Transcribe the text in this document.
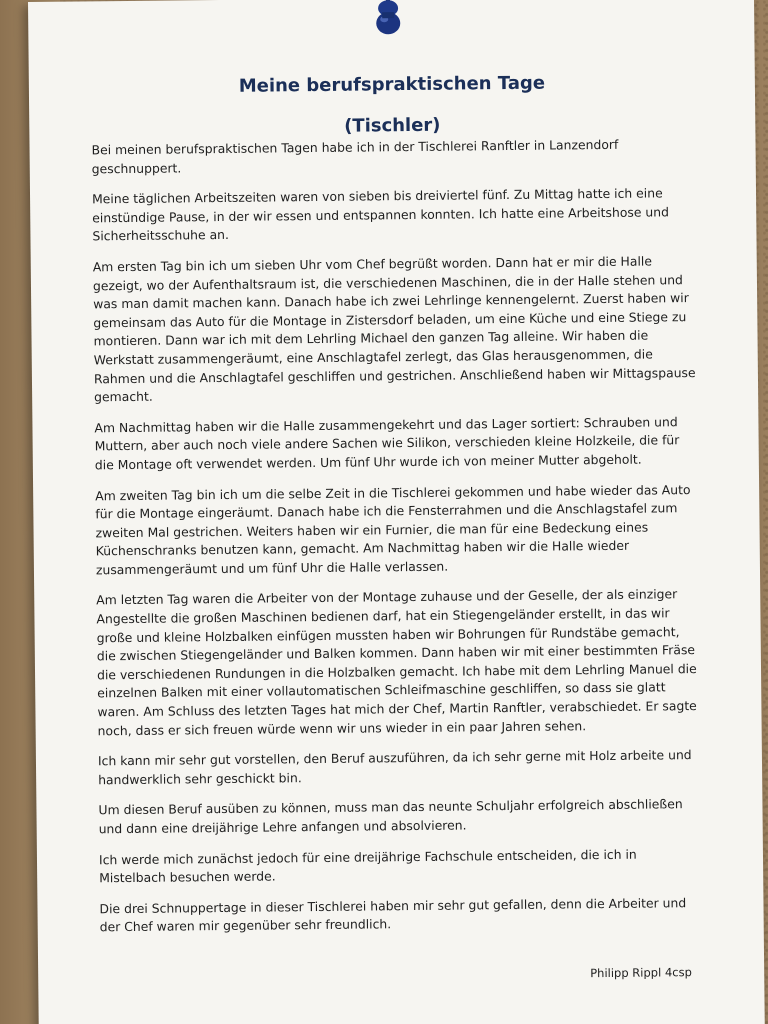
Meine berufspraktischen Tage
(Tischler)

Bei meinen berufspraktischen Tagen habe ich in der Tischlerei Ranftler in Lanzendorf geschnuppert.

Meine täglichen Arbeitszeiten waren von sieben bis dreiviertel fünf. Zu Mittag hatte ich eine einstündige Pause, in der wir essen und entspannen konnten. Ich hatte eine Arbeitshose und Sicherheitsschuhe an.

Am ersten Tag bin ich um sieben Uhr vom Chef begrüßt worden. Dann hat er mir die Halle gezeigt, wo der Aufenthaltsraum ist, die verschiedenen Maschinen, die in der Halle stehen und was man damit machen kann. Danach habe ich zwei Lehrlinge kennengelernt. Zuerst haben wir gemeinsam das Auto für die Montage in Zistersdorf beladen, um eine Küche und eine Stiege zu montieren. Dann war ich mit dem Lehrling Michael den ganzen Tag alleine. Wir haben die Werkstatt zusammengeräumt, eine Anschlagtafel zerlegt, das Glas herausgenommen, die Rahmen und die Anschlagtafel geschliffen und gestrichen. Anschließend haben wir Mittagspause gemacht.

Am Nachmittag haben wir die Halle zusammengekehrt und das Lager sortiert: Schrauben und Muttern, aber auch noch viele andere Sachen wie Silikon, verschieden kleine Holzkeile, die für die Montage oft verwendet werden. Um fünf Uhr wurde ich von meiner Mutter abgeholt.

Am zweiten Tag bin ich um die selbe Zeit in die Tischlerei gekommen und habe wieder das Auto für die Montage eingeräumt. Danach habe ich die Fensterrahmen und die Anschlagstafel zum zweiten Mal gestrichen. Weiters haben wir ein Furnier, die man für eine Bedeckung eines Küchenschranks benutzen kann, gemacht. Am Nachmittag haben wir die Halle wieder zusammengeräumt und um fünf Uhr die Halle verlassen.

Am letzten Tag waren die Arbeiter von der Montage zuhause und der Geselle, der als einziger Angestellte die großen Maschinen bedienen darf, hat ein Stiegengeländer erstellt, in das wir große und kleine Holzbalken einfügen mussten haben wir Bohrungen für Rundstäbe gemacht, die zwischen Stiegengeländer und Balken kommen. Dann haben wir mit einer bestimmten Fräse die verschiedenen Rundungen in die Holzbalken gemacht. Ich habe mit dem Lehrling Manuel die einzelnen Balken mit einer vollautomatischen Schleifmaschine geschliffen, so dass sie glatt waren. Am Schluss des letzten Tages hat mich der Chef, Martin Ranftler, verabschiedet. Er sagte noch, dass er sich freuen würde wenn wir uns wieder in ein paar Jahren sehen.

Ich kann mir sehr gut vorstellen, den Beruf auszuführen, da ich sehr gerne mit Holz arbeite und handwerklich sehr geschickt bin.

Um diesen Beruf ausüben zu können, muss man das neunte Schuljahr erfolgreich abschließen und dann eine dreijährige Lehre anfangen und absolvieren.

Ich werde mich zunächst jedoch für eine dreijährige Fachschule entscheiden, die ich in Mistelbach besuchen werde.

Die drei Schnuppertage in dieser Tischlerei haben mir sehr gut gefallen, denn die Arbeiter und der Chef waren mir gegenüber sehr freundlich.

Philipp Rippl 4csp
